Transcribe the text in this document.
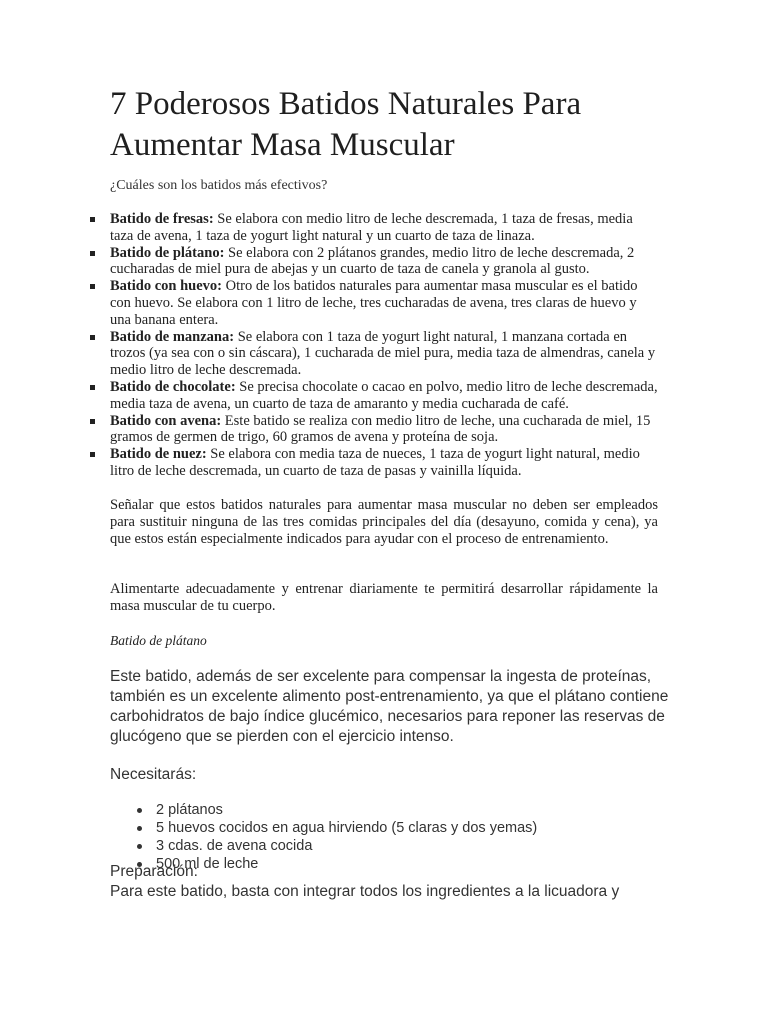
7 Poderosos Batidos Naturales Para Aumentar Masa Muscular

¿Cuáles son los batidos más efectivos?

Batido de fresas: Se elabora con medio litro de leche descremada, 1 taza de fresas, media taza de avena, 1 taza de yogurt light natural y un cuarto de taza de linaza.
Batido de plátano: Se elabora con 2 plátanos grandes, medio litro de leche descremada, 2 cucharadas de miel pura de abejas y un cuarto de taza de canela y granola al gusto.
Batido con huevo: Otro de los batidos naturales para aumentar masa muscular es el batido con huevo. Se elabora con 1 litro de leche, tres cucharadas de avena, tres claras de huevo y una banana entera.
Batido de manzana: Se elabora con 1 taza de yogurt light natural, 1 manzana cortada en trozos (ya sea con o sin cáscara), 1 cucharada de miel pura, media taza de almendras, canela y medio litro de leche descremada.
Batido de chocolate: Se precisa chocolate o cacao en polvo, medio litro de leche descremada, media taza de avena, un cuarto de taza de amaranto y media cucharada de café.
Batido con avena: Este batido se realiza con medio litro de leche, una cucharada de miel, 15 gramos de germen de trigo, 60 gramos de avena y proteína de soja.
Batido de nuez: Se elabora con media taza de nueces, 1 taza de yogurt light natural, medio litro de leche descremada, un cuarto de taza de pasas y vainilla líquida.

Señalar que estos batidos naturales para aumentar masa muscular no deben ser empleados para sustituir ninguna de las tres comidas principales del día (desayuno, comida y cena), ya que estos están especialmente indicados para ayudar con el proceso de entrenamiento.

Alimentarte adecuadamente y entrenar diariamente te permitirá desarrollar rápidamente la masa muscular de tu cuerpo.

Batido de plátano

Este batido, además de ser excelente para compensar la ingesta de proteínas, también es un excelente alimento post-entrenamiento, ya que el plátano contiene carbohidratos de bajo índice glucémico, necesarios para reponer las reservas de glucógeno que se pierden con el ejercicio intenso.

Necesitarás:

2 plátanos
5 huevos cocidos en agua hirviendo (5 claras y dos yemas)
3 cdas. de avena cocida
500 ml de leche

Preparación:

Para este batido, basta con integrar todos los ingredientes a la licuadora y
